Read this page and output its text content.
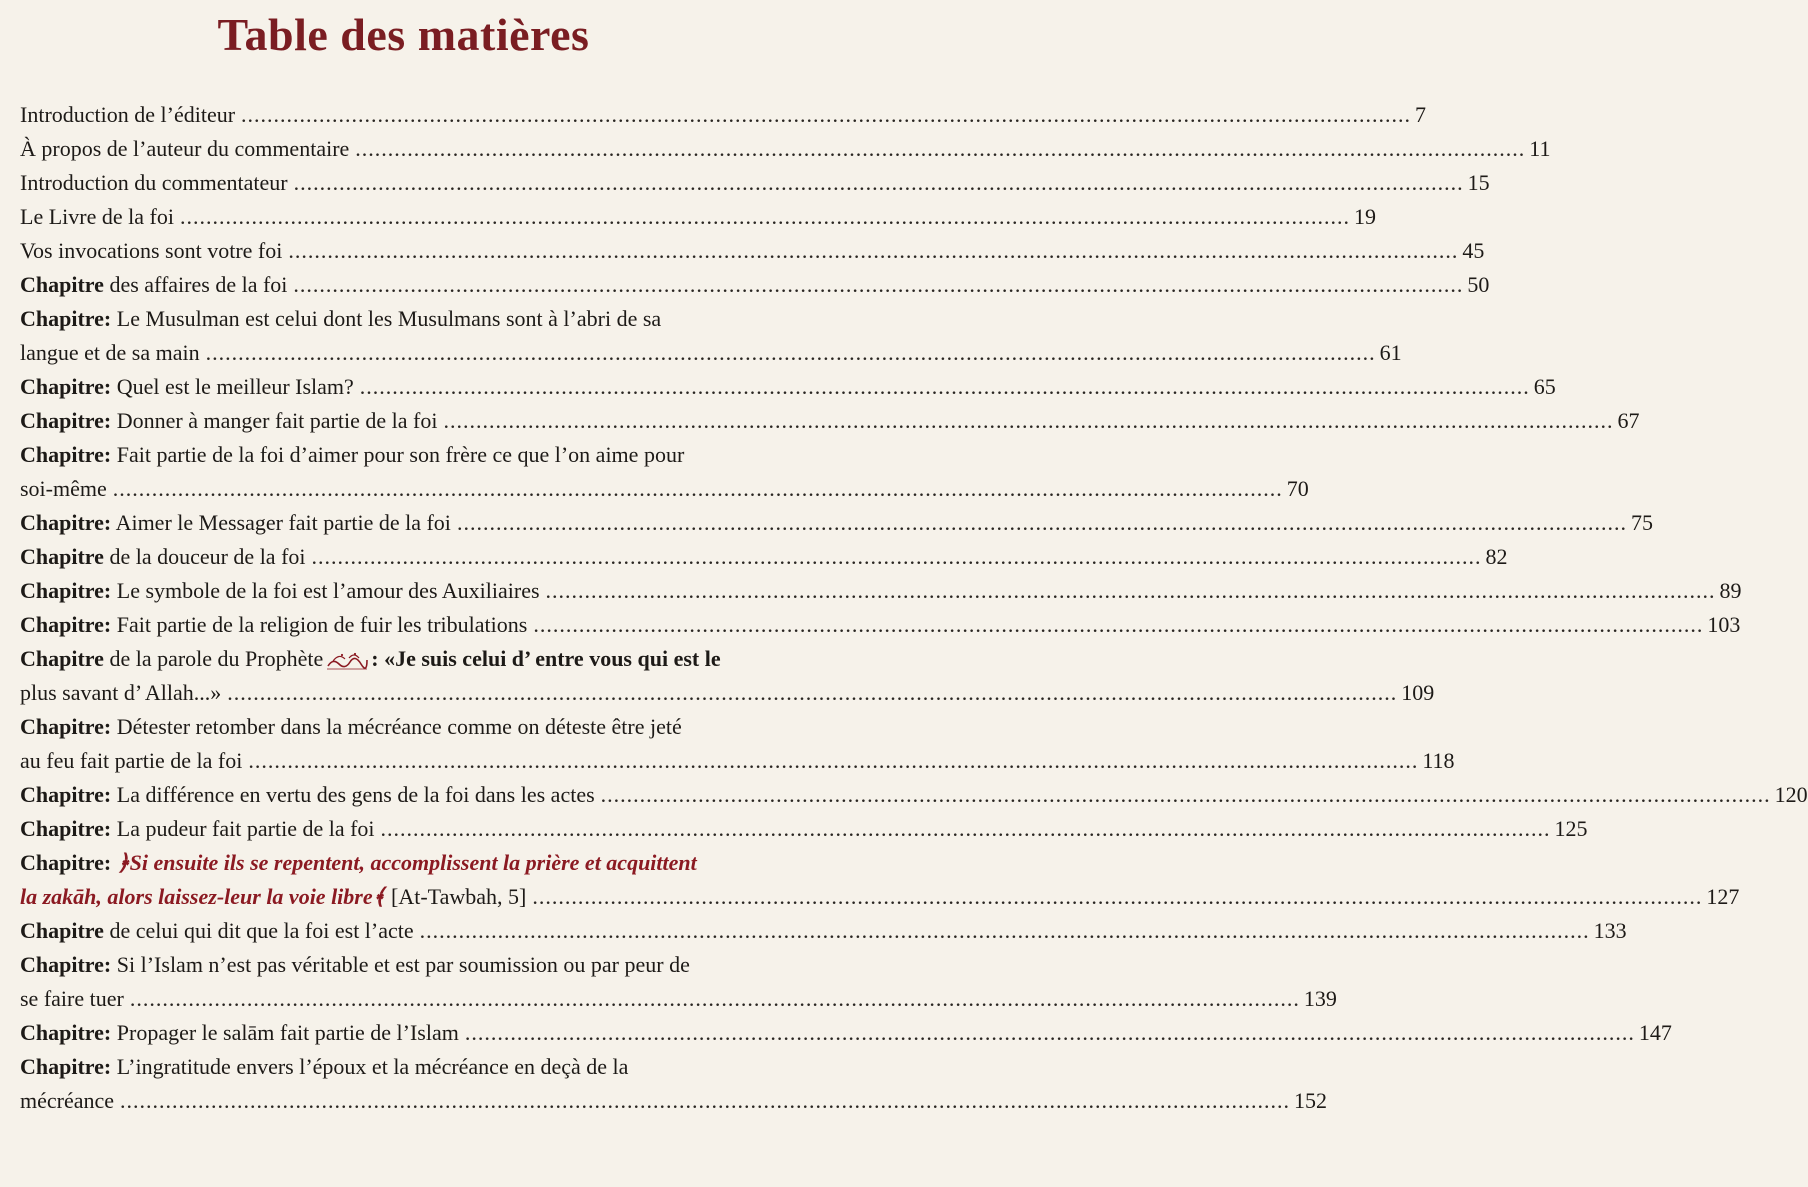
Table des matières
Introduction de l’éditeur .................................................................................................................................................................................... 7
À propos de l’auteur du commentaire .................................................................................................................................................................................... 11
Introduction du commentateur .................................................................................................................................................................................... 15
Le Livre de la foi .................................................................................................................................................................................... 19
Vos invocations sont votre foi .................................................................................................................................................................................... 45
Chapitre des affaires de la foi .................................................................................................................................................................................... 50
Chapitre: Le Musulman est celui dont les Musulmans sont à l’abri de sa
langue et de sa main .................................................................................................................................................................................... 61
Chapitre: Quel est le meilleur Islam? .................................................................................................................................................................................... 65
Chapitre: Donner à manger fait partie de la foi .................................................................................................................................................................................... 67
Chapitre: Fait partie de la foi d’aimer pour son frère ce que l’on aime pour
soi-même .................................................................................................................................................................................... 70
Chapitre: Aimer le Messager fait partie de la foi .................................................................................................................................................................................... 75
Chapitre de la douceur de la foi .................................................................................................................................................................................... 82
Chapitre: Le symbole de la foi est l’amour des Auxiliaires .................................................................................................................................................................................... 89
Chapitre: Fait partie de la religion de fuir les tribulations .................................................................................................................................................................................... 103
Chapitre de la parole du Prophète : «Je suis celui d’ entre vous qui est le
plus savant d’ Allah...» .................................................................................................................................................................................... 109
Chapitre: Détester retomber dans la mécréance comme on déteste être jeté
au feu fait partie de la foi .................................................................................................................................................................................... 118
Chapitre: La différence en vertu des gens de la foi dans les actes .................................................................................................................................................................................... 120
Chapitre: La pudeur fait partie de la foi .................................................................................................................................................................................... 125
Chapitre: ﴿Si ensuite ils se repentent, accomplissent la prière et acquittent
la zakāh, alors laissez-leur la voie libre﴾ [At-Tawbah, 5] .................................................................................................................................................................................... 127
Chapitre de celui qui dit que la foi est l’acte .................................................................................................................................................................................... 133
Chapitre: Si l’Islam n’est pas véritable et est par soumission ou par peur de
se faire tuer .................................................................................................................................................................................... 139
Chapitre: Propager le salām fait partie de l’Islam .................................................................................................................................................................................... 147
Chapitre: L’ingratitude envers l’époux et la mécréance en deçà de la
mécréance .................................................................................................................................................................................... 152
